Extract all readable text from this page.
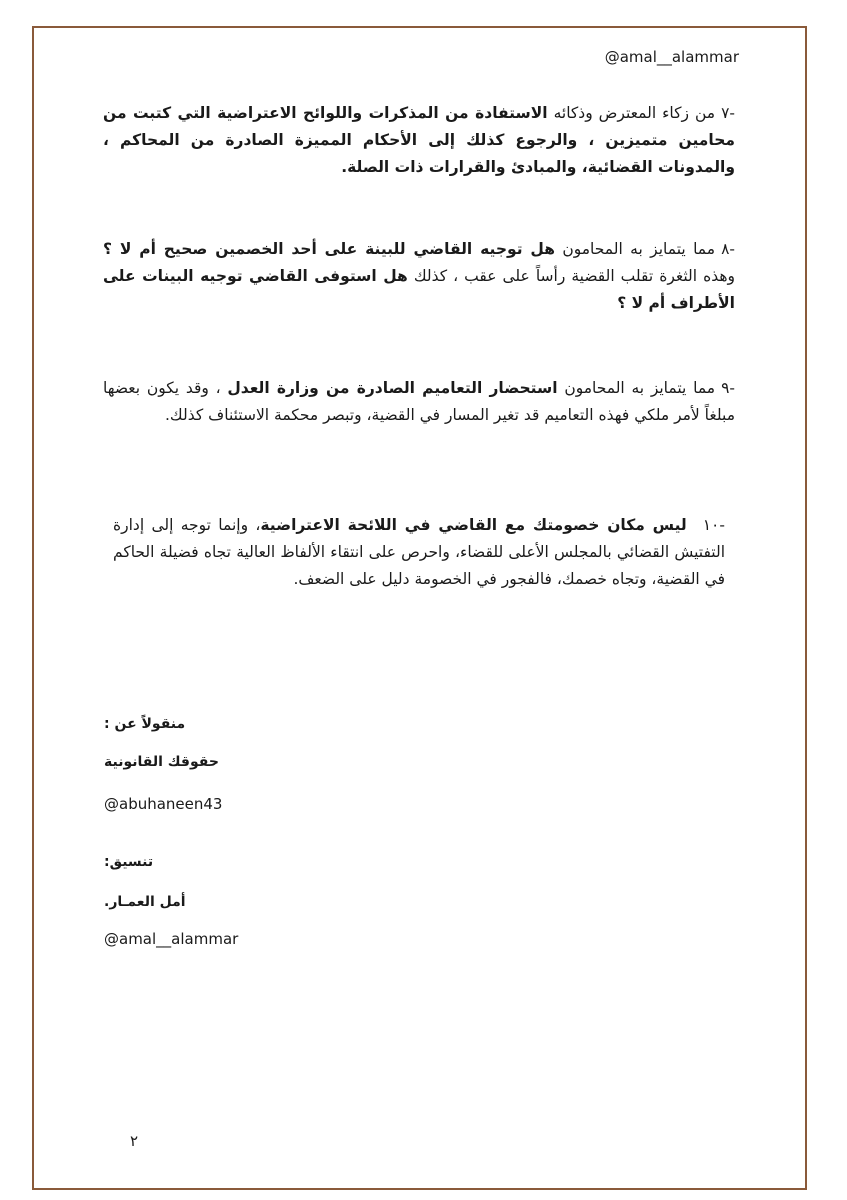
@amal__alammar
-٧من زكاء المعترض وذكائه الاستفادة من المذكرات واللوائح الاعتراضية التي كتبت من محامين متميزين ، والرجوع كذلك إلى الأحكام المميزة الصادرة من المحاكم ، والمدونات القضائية، والمبادئ والقرارات ذات الصلة.
-٨مما يتمايز به المحامون هل توجيه القاضي للبينة على أحد الخصمين صحيح أم لا ؟ وهذه الثغرة تقلب القضية رأساً على عقب ، كذلك هل استوفى القاضي توجيه البينات على الأطراف أم لا ؟
-٩مما يتمايز به المحامون استحضار التعاميم الصادرة من وزارة العدل ، وقد يكون بعضها مبلغاً لأمر ملكي فهذه التعاميم قد تغير المسار في القضية، وتبصر محكمة الاستئناف كذلك.
-١٠ليس مكان خصومتك مع القاضي في اللائحة الاعتراضية، وإنما توجه إلى إدارة التفتيش القضائي بالمجلس الأعلى للقضاء، واحرص على انتقاء الألفاظ العالية تجاه فضيلة الحاكم في القضية، وتجاه خصمك، فالفجور في الخصومة دليل على الضعف.
منقولاً عن :
حقوقك القانونية
@abuhaneen43
تنسيق:
أمل العمـار.
@amal__alammar
٢
